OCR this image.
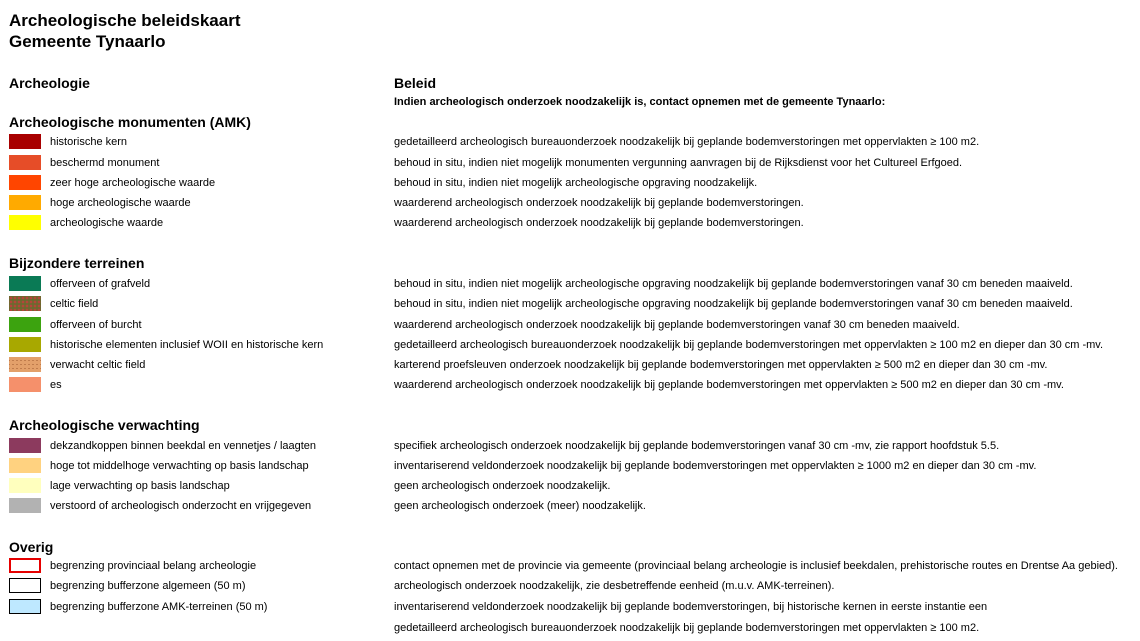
Archeologische beleidskaart
Gemeente Tynaarlo
Archeologie	Beleid
Indien archeologisch onderzoek noodzakelijk is, contact opnemen met de gemeente Tynaarlo:
Archeologische monumenten (AMK)
historische kern	gedetailleerd archeologisch bureauonderzoek noodzakelijk bij geplande bodemverstoringen met oppervlakten ≥ 100 m2.
beschermd monument	behoud in situ, indien niet mogelijk monumenten vergunning aanvragen bij de Rijksdienst voor het Cultureel Erfgoed.
zeer hoge archeologische waarde	behoud in situ, indien niet mogelijk archeologische opgraving noodzakelijk.
hoge archeologische waarde	waarderend archeologisch onderzoek noodzakelijk bij geplande bodemverstoringen.
archeologische waarde	waarderend archeologisch onderzoek noodzakelijk bij geplande bodemverstoringen.
Bijzondere terreinen
offerveen of grafveld	behoud in situ, indien niet mogelijk archeologische opgraving noodzakelijk bij geplande bodemverstoringen vanaf 30 cm beneden maaiveld.
celtic field	behoud in situ, indien niet mogelijk archeologische opgraving noodzakelijk bij geplande bodemverstoringen vanaf 30 cm beneden maaiveld.
offerveen of burcht	waarderend archeologisch onderzoek noodzakelijk bij geplande bodemverstoringen vanaf 30 cm beneden maaiveld.
historische elementen inclusief WOII en historische kern	gedetailleerd archeologisch bureauonderzoek noodzakelijk bij geplande bodemverstoringen met oppervlakten ≥ 100 m2 en dieper dan 30 cm -mv.
verwacht celtic field	karterend proefsleuven onderzoek noodzakelijk bij geplande bodemverstoringen met oppervlakten ≥ 500 m2 en dieper dan 30 cm -mv.
es	waarderend archeologisch onderzoek noodzakelijk bij geplande bodemverstoringen met oppervlakten ≥ 500 m2 en dieper dan 30 cm -mv.
Archeologische verwachting
dekzandkoppen binnen beekdal en vennetjes / laagten	specifiek archeologisch onderzoek noodzakelijk bij geplande bodemverstoringen vanaf 30 cm -mv, zie rapport hoofdstuk 5.5.
hoge tot middelhoge verwachting op basis landschap	inventariserend veldonderzoek noodzakelijk bij geplande bodemverstoringen met oppervlakten ≥ 1000 m2 en dieper dan 30 cm -mv.
lage verwachting op basis landschap	geen archeologisch onderzoek noodzakelijk.
verstoord of archeologisch onderzocht en vrijgegeven	geen archeologisch onderzoek (meer) noodzakelijk.
Overig
begrenzing provinciaal belang archeologie	contact opnemen met de provincie via gemeente (provinciaal belang archeologie is inclusief beekdalen, prehistorische routes en Drentse Aa gebied).
begrenzing bufferzone algemeen (50 m)	archeologisch onderzoek noodzakelijk, zie desbetreffende eenheid (m.u.v. AMK-terreinen).
begrenzing bufferzone AMK-terreinen (50 m)	inventariserend veldonderzoek noodzakelijk bij geplande bodemverstoringen, bij historische kernen in eerste instantie een
gedetailleerd archeologisch bureauonderzoek noodzakelijk bij geplande bodemverstoringen met oppervlakten ≥ 100 m2.
